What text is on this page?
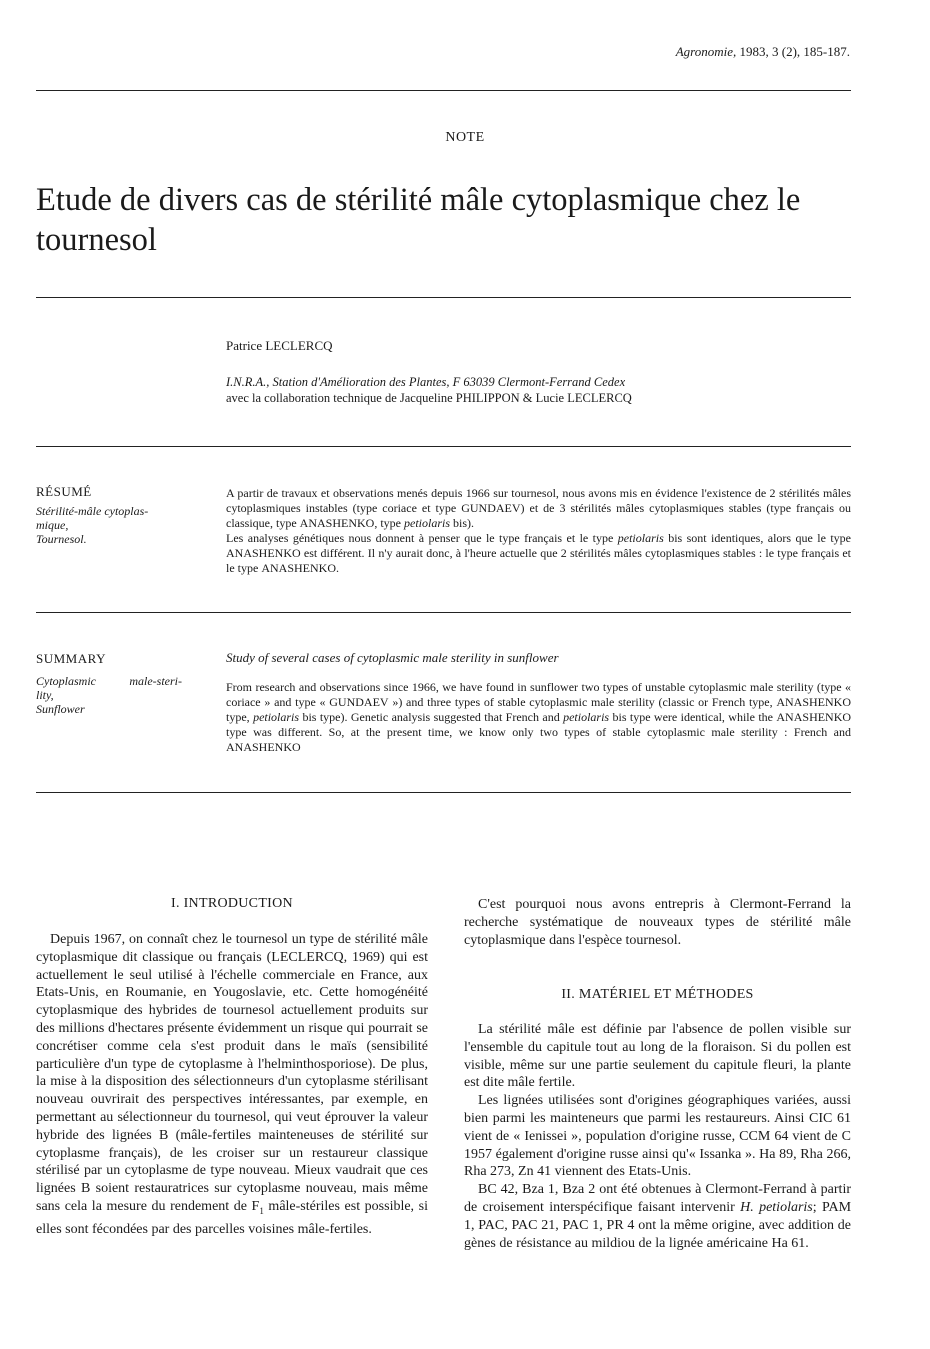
Agronomie, 1983, 3 (2), 185-187.
NOTE
Etude de divers cas de stérilité mâle cytoplasmique chez le tournesol
Patrice LECLERCQ
I.N.R.A., Station d'Amélioration des Plantes, F 63039 Clermont-Ferrand Cedex
avec la collaboration technique de Jacqueline PHILIPPON & Lucie LECLERCQ
RÉSUMÉ
Stérilité-mâle cytoplas-
mique,
Tournesol.

A partir de travaux et observations menés depuis 1966 sur tournesol, nous avons mis en évidence l'existence de 2 stérilités mâles cytoplasmiques instables (type coriace et type GUNDAEV) et de 3 stérilités mâles cytoplasmiques stables (type français ou classique, type ANASHENKO, type petiolaris bis).

Les analyses génétiques nous donnent à penser que le type français et le type petiolaris bis sont identiques, alors que le type ANASHENKO est différent. Il n'y aurait donc, à l'heure actuelle que 2 stérilités mâles cytoplasmiques stables : le type français et le type ANASHENKO.

SUMMARY
Cytoplasmic male-steri-
lity,
Sunflower
Study of several cases of cytoplasmic male sterility in sunflower
From research and observations since 1966, we have found in sunflower two types of unstable cytoplasmic male sterility (type « coriace » and type « GUNDAEV ») and three types of stable cytoplasmic male sterility (classic or French type, ANASHENKO type, petiolaris bis type). Genetic analysis suggested that French and petiolaris bis type were identical, while the ANASHENKO type was different. So, at the present time, we know only two types of stable cytoplasmic male sterility : French and ANASHENKO
I. INTRODUCTION

Depuis 1967, on connaît chez le tournesol un type de stérilité mâle cytoplasmique dit classique ou français (LECLERCQ, 1969) qui est actuellement le seul utilisé à l'échelle commerciale en France, aux Etats-Unis, en Roumanie, en Yougoslavie, etc. Cette homogénéité cytoplasmique des hybrides de tournesol actuellement produits sur des millions d'hectares présente évidemment un risque qui pourrait se concrétiser comme cela s'est produit dans le maïs (sensibilité particulière d'un type de cytoplasme à l'helminthosporiose). De plus, la mise à la disposition des sélectionneurs d'un cytoplasme stérilisant nouveau ouvrirait des perspectives intéressantes, par exemple, en permettant au sélectionneur du tournesol, qui veut éprouver la valeur hybride des lignées B (mâle-fertiles mainteneuses de stérilité sur cytoplasme français), de les croiser sur un restaureur classique stérilisé par un cytoplasme de type nouveau. Mieux vaudrait que ces lignées B soient restauratrices sur cytoplasme nouveau, mais même sans cela la mesure du rendement de $F_1$ mâle-stériles est possible, si elles sont fécondées par des parcelles voisines mâle-fertiles.

C'est pourquoi nous avons entrepris à Clermont-Ferrand la recherche systématique de nouveaux types de stérilité mâle cytoplasmique dans l'espèce tournesol.

II. MATÉRIEL ET MÉTHODES

La stérilité mâle est définie par l'absence de pollen visible sur l'ensemble du capitule tout au long de la floraison. Si du pollen est visible, même sur une partie seulement du capitule fleuri, la plante est dite mâle fertile.

Les lignées utilisées sont d'origines géographiques variées, aussi bien parmi les mainteneurs que parmi les restaureurs. Ainsi CIC 61 vient de « Ienissei », population d'origine russe, CCM 64 vient de C 1957 également d'origine russe ainsi qu'« Issanka ». Ha 89, Rha 266, Rha 273, Zn 41 viennent des Etats-Unis.

BC 42, Bza 1, Bza 2 ont été obtenues à Clermont-Ferrand à partir de croisement interspécifique faisant intervenir H. petiolaris; PAM 1, PAC, PAC 21, PAC 1, PR 4 ont la même origine, avec addition de gènes de résistance au mildiou de la lignée américaine Ha 61.
